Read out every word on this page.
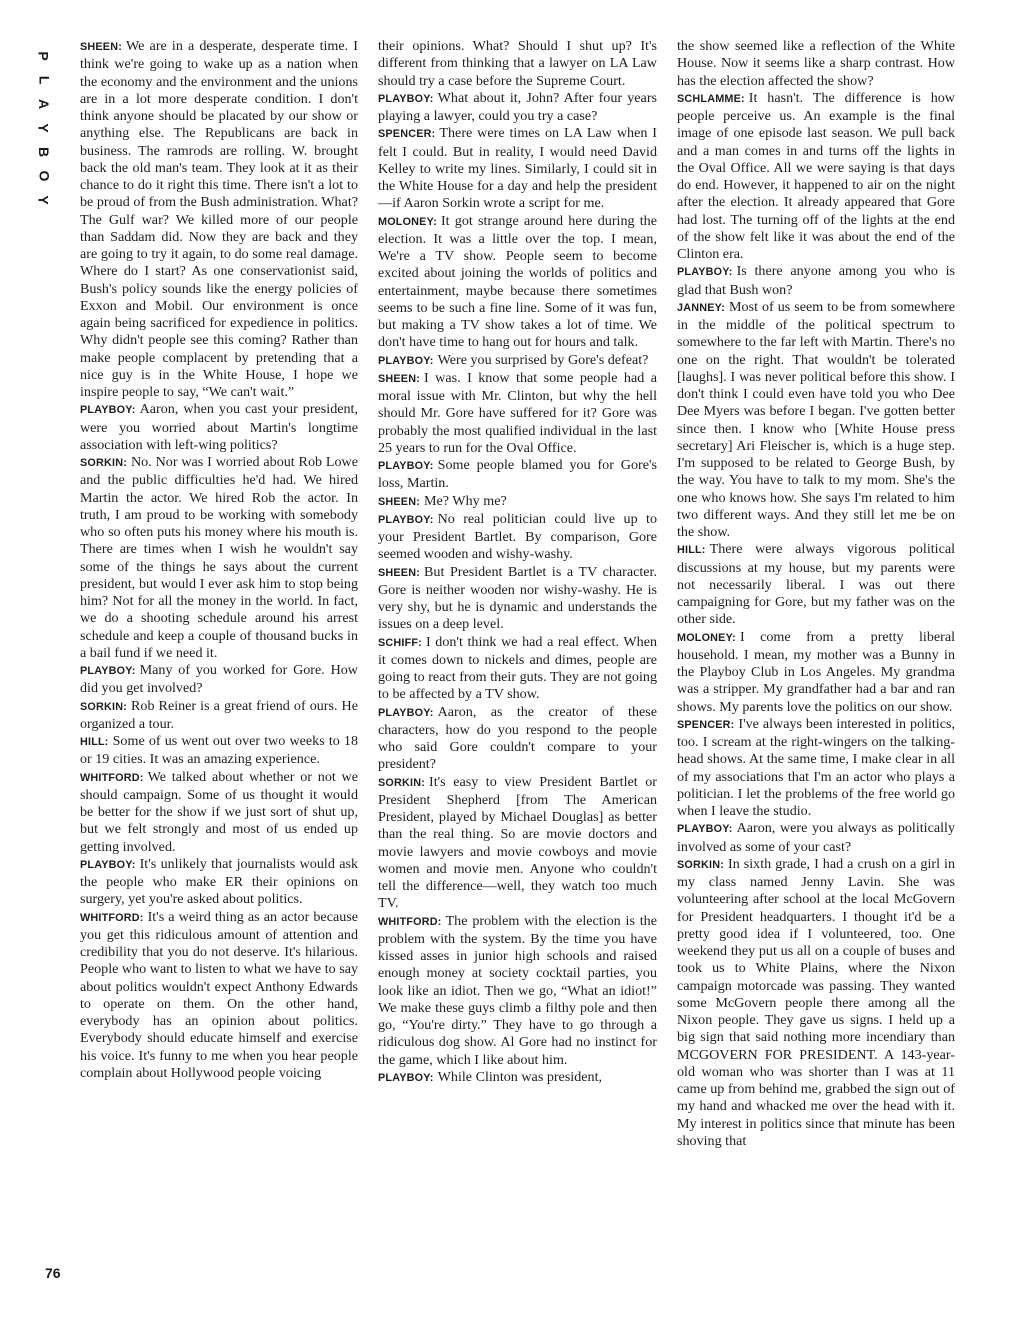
P
L
A
Y
B
O
Y
76

SHEEN: We are in a desperate, desperate time. I think we're going to wake up as a nation when the economy and the environment and the unions are in a lot more desperate condition. I don't think anyone should be placated by our show or anything else. The Republicans are back in business. The ramrods are rolling. W. brought back the old man's team. They look at it as their chance to do it right this time. There isn't a lot to be proud of from the Bush administration. What? The Gulf war? We killed more of our people than Saddam did. Now they are back and they are going to try it again, to do some real damage. Where do I start? As one conservationist said, Bush's policy sounds like the energy policies of Exxon and Mobil. Our environment is once again being sacrificed for expedience in politics. Why didn't people see this coming? Rather than make people complacent by pretending that a nice guy is in the White House, I hope we inspire people to say, “We can't wait.”

PLAYBOY: Aaron, when you cast your president, were you worried about Martin's longtime association with left-wing politics?

SORKIN: No. Nor was I worried about Rob Lowe and the public difficulties he'd had. We hired Martin the actor. We hired Rob the actor. In truth, I am proud to be working with somebody who so often puts his money where his mouth is. There are times when I wish he wouldn't say some of the things he says about the current president, but would I ever ask him to stop being him? Not for all the money in the world. In fact, we do a shooting schedule around his arrest schedule and keep a couple of thousand bucks in a bail fund if we need it.

PLAYBOY: Many of you worked for Gore. How did you get involved?

SORKIN: Rob Reiner is a great friend of ours. He organized a tour.

HILL: Some of us went out over two weeks to 18 or 19 cities. It was an amazing experience.

WHITFORD: We talked about whether or not we should campaign. Some of us thought it would be better for the show if we just sort of shut up, but we felt strongly and most of us ended up getting involved.

PLAYBOY: It's unlikely that journalists would ask the people who make ER their opinions on surgery, yet you're asked about politics.

WHITFORD: It's a weird thing as an actor because you get this ridiculous amount of attention and credibility that you do not deserve. It's hilarious. People who want to listen to what we have to say about politics wouldn't expect Anthony Edwards to operate on them. On the other hand, everybody has an opinion about politics. Everybody should educate himself and exercise his voice. It's funny to me when you hear people complain about Hollywood people voicing

their opinions. What? Should I shut up? It's different from thinking that a lawyer on LA Law should try a case before the Supreme Court.

PLAYBOY: What about it, John? After four years playing a lawyer, could you try a case?

SPENCER: There were times on LA Law when I felt I could. But in reality, I would need David Kelley to write my lines. Similarly, I could sit in the White House for a day and help the president—if Aaron Sorkin wrote a script for me.

MOLONEY: It got strange around here during the election. It was a little over the top. I mean, We're a TV show. People seem to become excited about joining the worlds of politics and entertainment, maybe because there sometimes seems to be such a fine line. Some of it was fun, but making a TV show takes a lot of time. We don't have time to hang out for hours and talk.

PLAYBOY: Were you surprised by Gore's defeat?

SHEEN: I was. I know that some people had a moral issue with Mr. Clinton, but why the hell should Mr. Gore have suffered for it? Gore was probably the most qualified individual in the last 25 years to run for the Oval Office.

PLAYBOY: Some people blamed you for Gore's loss, Martin.

SHEEN: Me? Why me?

PLAYBOY: No real politician could live up to your President Bartlet. By comparison, Gore seemed wooden and wishy-washy.

SHEEN: But President Bartlet is a TV character. Gore is neither wooden nor wishy-washy. He is very shy, but he is dynamic and understands the issues on a deep level.

SCHIFF: I don't think we had a real effect. When it comes down to nickels and dimes, people are going to react from their guts. They are not going to be affected by a TV show.

PLAYBOY: Aaron, as the creator of these characters, how do you respond to the people who said Gore couldn't compare to your president?

SORKIN: It's easy to view President Bartlet or President Shepherd [from The American President, played by Michael Douglas] as better than the real thing. So are movie doctors and movie lawyers and movie cowboys and movie women and movie men. Anyone who couldn't tell the difference—well, they watch too much TV.

WHITFORD: The problem with the election is the problem with the system. By the time you have kissed asses in junior high schools and raised enough money at society cocktail parties, you look like an idiot. Then we go, “What an idiot!” We make these guys climb a filthy pole and then go, “You're dirty.” They have to go through a ridiculous dog show. Al Gore had no instinct for the game, which I like about him.

PLAYBOY: While Clinton was president,

the show seemed like a reflection of the White House. Now it seems like a sharp contrast. How has the election affected the show?

SCHLAMME: It hasn't. The difference is how people perceive us. An example is the final image of one episode last season. We pull back and a man comes in and turns off the lights in the Oval Office. All we were saying is that days do end. However, it happened to air on the night after the election. It already appeared that Gore had lost. The turning off of the lights at the end of the show felt like it was about the end of the Clinton era.

PLAYBOY: Is there anyone among you who is glad that Bush won?

JANNEY: Most of us seem to be from somewhere in the middle of the political spectrum to somewhere to the far left with Martin. There's no one on the right. That wouldn't be tolerated [laughs]. I was never political before this show. I don't think I could even have told you who Dee Dee Myers was before I began. I've gotten better since then. I know who [White House press secretary] Ari Fleischer is, which is a huge step. I'm supposed to be related to George Bush, by the way. You have to talk to my mom. She's the one who knows how. She says I'm related to him two different ways. And they still let me be on the show.

HILL: There were always vigorous political discussions at my house, but my parents were not necessarily liberal. I was out there campaigning for Gore, but my father was on the other side.

MOLONEY: I come from a pretty liberal household. I mean, my mother was a Bunny in the Playboy Club in Los Angeles. My grandma was a stripper. My grandfather had a bar and ran shows. My parents love the politics on our show.

SPENCER: I've always been interested in politics, too. I scream at the right-wingers on the talking-head shows. At the same time, I make clear in all of my associations that I'm an actor who plays a politician. I let the problems of the free world go when I leave the studio.

PLAYBOY: Aaron, were you always as politically involved as some of your cast?

SORKIN: In sixth grade, I had a crush on a girl in my class named Jenny Lavin. She was volunteering after school at the local McGovern for President headquarters. I thought it'd be a pretty good idea if I volunteered, too. One weekend they put us all on a couple of buses and took us to White Plains, where the Nixon campaign motorcade was passing. They wanted some McGovern people there among all the Nixon people. They gave us signs. I held up a big sign that said nothing more incendiary than MCGOVERN FOR PRESIDENT. A 143-year-old woman who was shorter than I was at 11 came up from behind me, grabbed the sign out of my hand and whacked me over the head with it. My interest in politics since that minute has been shoving that
